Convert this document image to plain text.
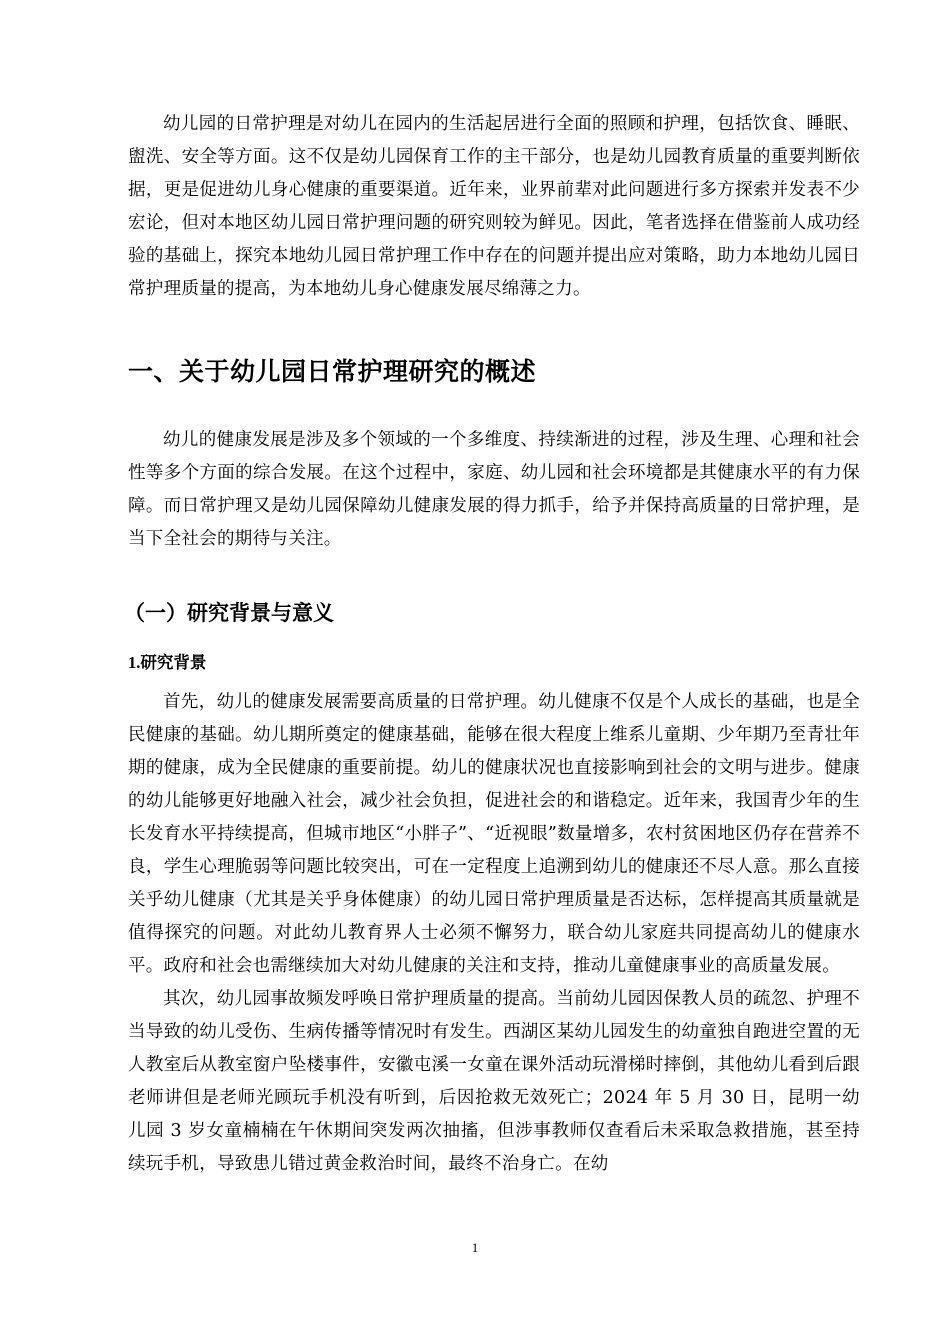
幼儿园的日常护理是对幼儿在园内的生活起居进行全面的照顾和护理，包括饮食、睡眠、盥洗、安全等方面。这不仅是幼儿园保育工作的主干部分，也是幼儿园教育质量的重要判断依据，更是促进幼儿身心健康的重要渠道。近年来，业界前辈对此问题进行多方探索并发表不少宏论，但对本地区幼儿园日常护理问题的研究则较为鲜见。因此，笔者选择在借鉴前人成功经验的基础上，探究本地幼儿园日常护理工作中存在的问题并提出应对策略，助力本地幼儿园日常护理质量的提高，为本地幼儿身心健康发展尽绵薄之力。

一、关于幼儿园日常护理研究的概述

幼儿的健康发展是涉及多个领域的一个多维度、持续渐进的过程，涉及生理、心理和社会性等多个方面的综合发展。在这个过程中，家庭、幼儿园和社会环境都是其健康水平的有力保障。而日常护理又是幼儿园保障幼儿健康发展的得力抓手，给予并保持高质量的日常护理，是当下全社会的期待与关注。

（一）研究背景与意义
1.研究背景

首先，幼儿的健康发展需要高质量的日常护理。幼儿健康不仅是个人成长的基础，也是全民健康的基础。幼儿期所奠定的健康基础，能够在很大程度上维系儿童期、少年期乃至青壮年期的健康，成为全民健康的重要前提。幼儿的健康状况也直接影响到社会的文明与进步。健康的幼儿能够更好地融入社会，减少社会负担，促进社会的和谐稳定。近年来，我国青少年的生长发育水平持续提高，但城市地区“小胖子”、“近视眼”数量增多，农村贫困地区仍存在营养不良，学生心理脆弱等问题比较突出，可在一定程度上追溯到幼儿的健康还不尽人意。那么直接关乎幼儿健康（尤其是关乎身体健康）的幼儿园日常护理质量是否达标，怎样提高其质量就是值得探究的问题。对此幼儿教育界人士必须不懈努力，联合幼儿家庭共同提高幼儿的健康水平。政府和社会也需继续加大对幼儿健康的关注和支持，推动儿童健康事业的高质量发展。

其次，幼儿园事故频发呼唤日常护理质量的提高。当前幼儿园因保教人员的疏忽、护理不当导致的幼儿受伤、生病传播等情况时有发生。西湖区某幼儿园发生的幼童独自跑进空置的无人教室后从教室窗户坠楼事件，安徽屯溪一女童在课外活动玩滑梯时摔倒，其他幼儿看到后跟老师讲但是老师光顾玩手机没有听到，后因抢救无效死亡；2024 年 5 月 30 日，昆明一幼儿园 3 岁女童楠楠在午休期间突发两次抽搐，但涉事教师仅查看后未采取急救措施，甚至持续玩手机，导致患儿错过黄金救治时间，最终不治身亡。在幼

1
